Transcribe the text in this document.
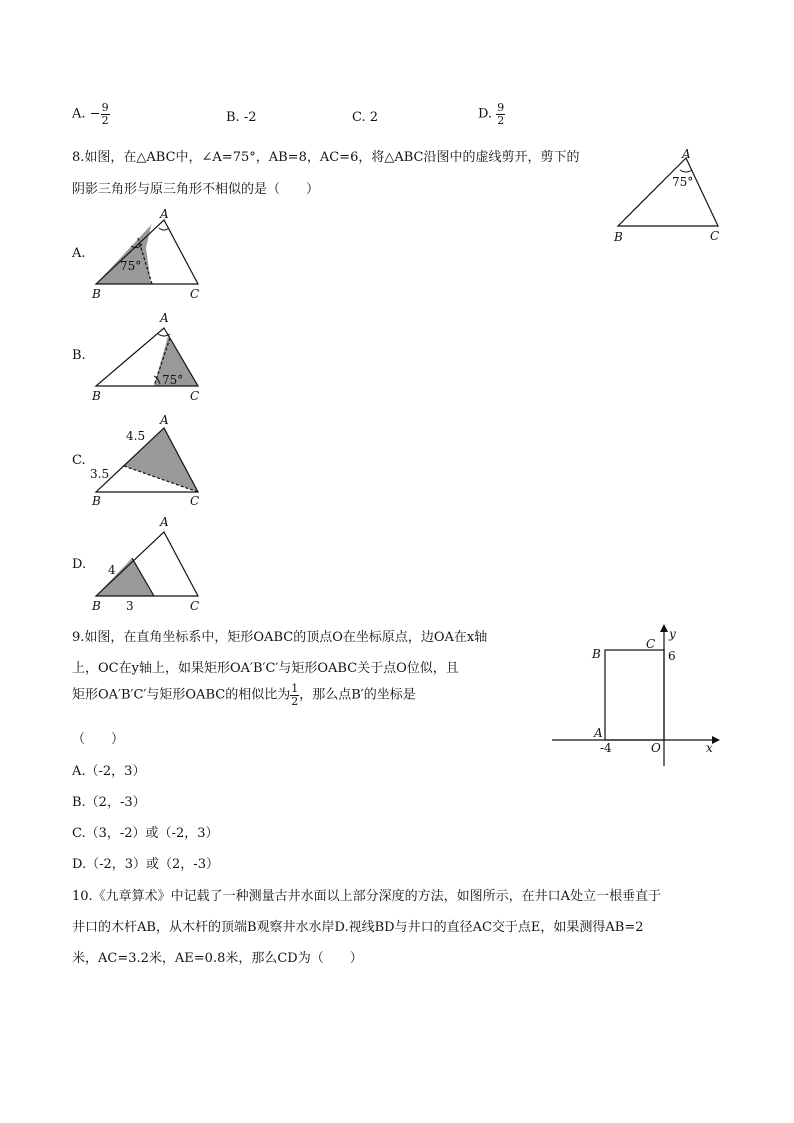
A. − $\frac{9}{2}$	B. -2	C. 2	D. $\frac{9}{2}$
8.如图，在△ABC中，∠A=75°，AB=8，AC=6，将△ABC沿图中的虚线剪开，剪下的
阴影三角形与原三角形不相似的是（　　）
A
75°
B	C
A.
A
75°
B	C
B.
A
75°
B	C
C.
A
4.5
3.5
B	C
D.
A
4
B 3	C
9.如图，在直角坐标系中，矩形OABC的顶点O在坐标原点，边OA在x轴
上，OC在y轴上，如果矩形OA′B′C′与矩形OABC关于点O位似，且
矩形OA′B′C′与矩形OABC的相似比为 $\frac{1}{2}$ ，那么点B′的坐标是
（　　）
A.（-2，3）
B.（2，-3）
C.（3，-2）或（-2，3）
D.（-2，3）或（2，-3）
y
x
B
C
6
A
-4	O
10.《九章算术》中记载了一种测量古井水面以上部分深度的方法，如图所示，在井口A处立一根垂直于
井口的木杆AB，从木杆的顶端B观察井水水岸D.视线BD与井口的直径AC交于点E，如果测得AB=2
米，AC=3.2米，AE=0.8米，那么CD为（　　）
